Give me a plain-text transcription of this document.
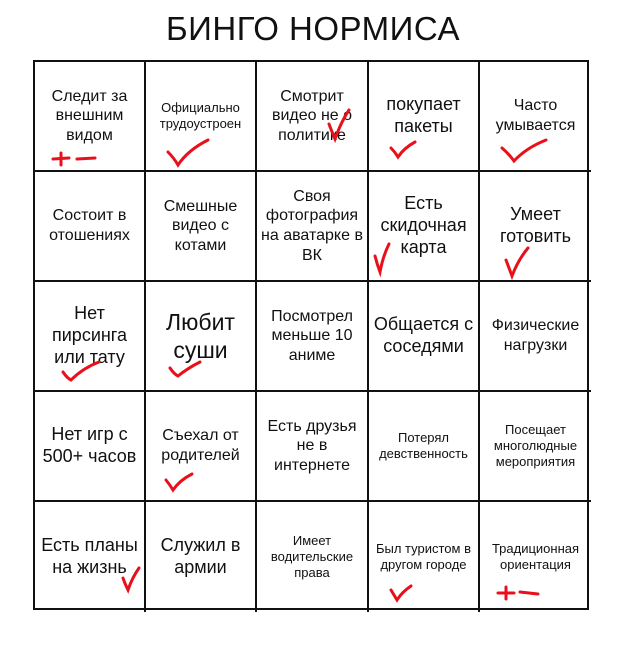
БИНГО НОРМИСА
Следит за внешним видом
Официально трудоустроен
Смотрит видео не о политике
покупает пакеты
Часто умывается
Состоит в отошениях
Смешные видео с котами
Своя фотография на аватарке в ВК
Есть скидочная карта
Умеет готовить
Нет пирсинга или тату
Любит суши
Посмотрел меньше 10 аниме
Общается с соседями
Физические нагрузки
Нет игр с 500+ часов
Съехал от родителей
Есть друзья не в интернете
Потерял девственность
Посещает многолюдные мероприятия
Есть планы на жизнь
Служил в армии
Имеет водительские права
Был туристом в другом городе
Традиционная ориентация
